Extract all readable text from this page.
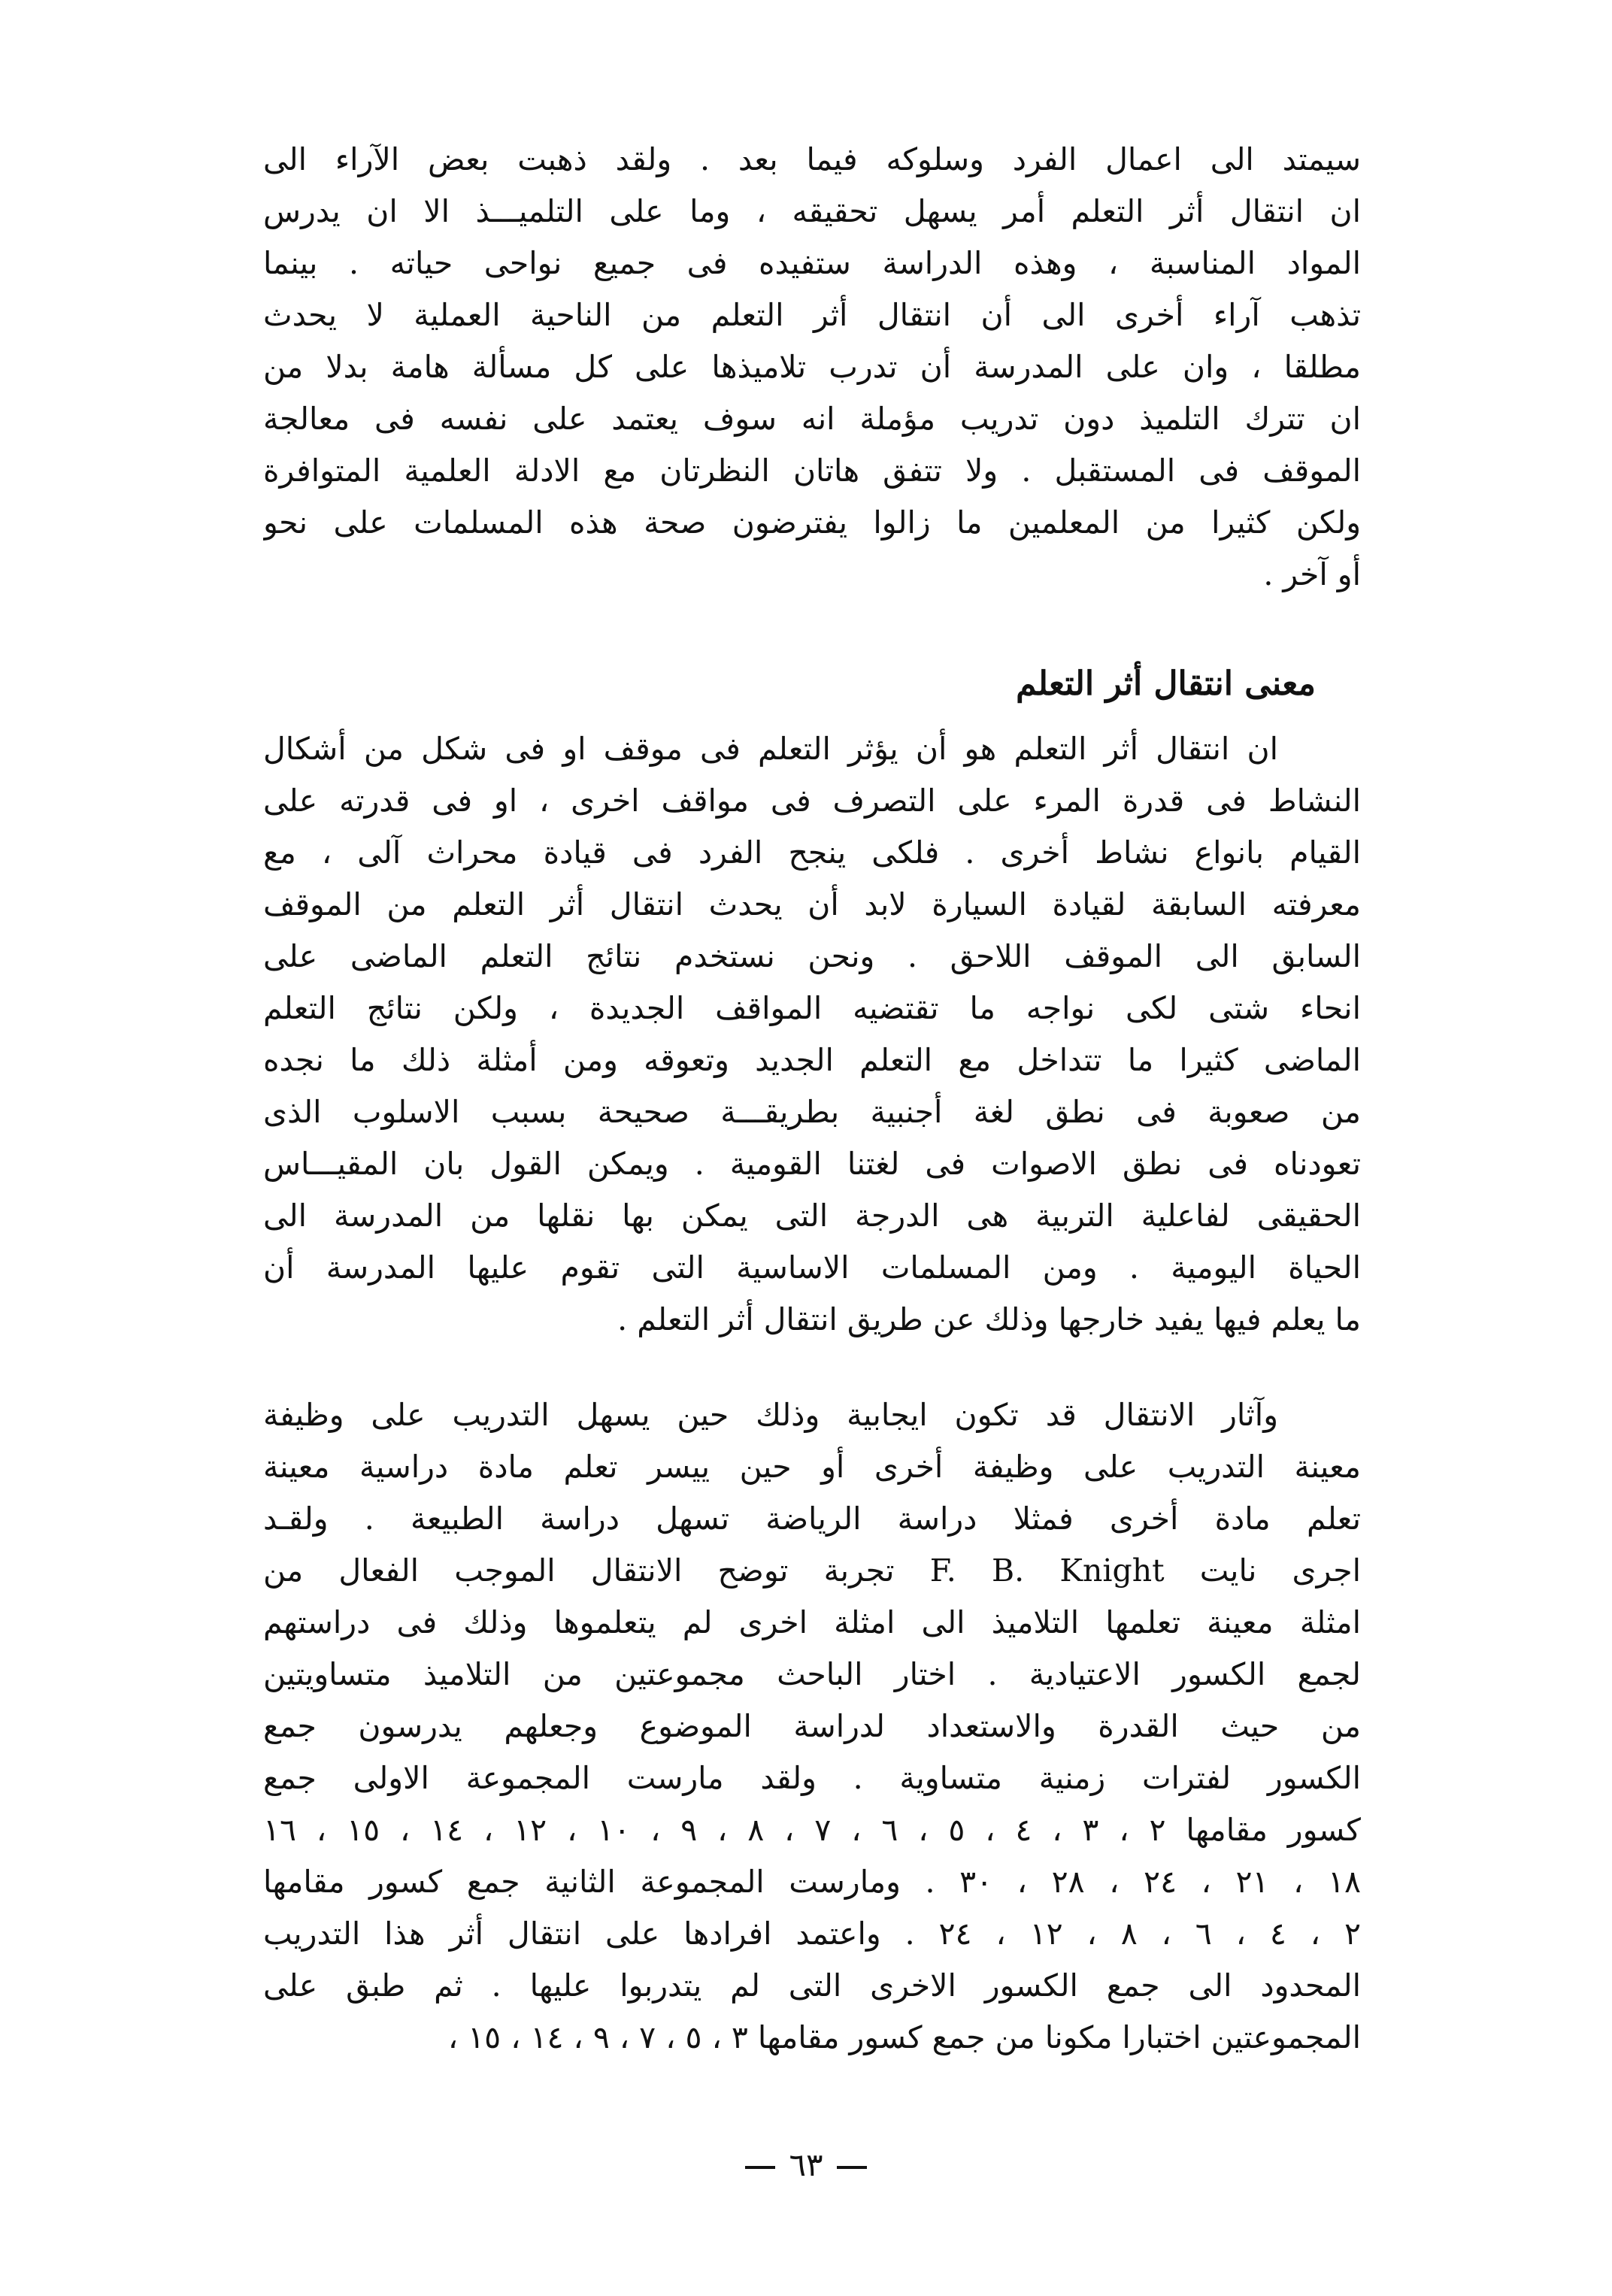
سيمتد الى اعمال الفرد وسلوكه فيما بعد . ولقد ذهبت بعض الآراء الى
ان انتقال أثر التعلم أمر يسهل تحقيقه ، وما على التلميـــذ الا ان يدرس
المواد المناسبة ، وهذه الدراسة ستفيده فى جميع نواحى حياته . بينما
تذهب آراء أخرى الى أن انتقال أثر التعلم من الناحية العملية لا يحدث
مطلقا ، وان على المدرسة أن تدرب تلاميذها على كل مسألة هامة بدلا من
ان تترك التلميذ دون تدريب مؤملة انه سوف يعتمد على نفسه فى معالجة
الموقف فى المستقبل . ولا تتفق هاتان النظرتان مع الادلة العلمية المتوافرة
ولكن كثيرا من المعلمين ما زالوا يفترضون صحة هذه المسلمات على نحو
أو آخر .
معنى انتقال أثر التعلم
ان انتقال أثر التعلم هو أن يؤثر التعلم فى موقف او فى شكل من أشكال
النشاط فى قدرة المرء على التصرف فى مواقف اخرى ، او فى قدرته على
القيام بانواع نشاط أخرى . فلكى ينجح الفرد فى قيادة محراث آلى ، مع
معرفته السابقة لقيادة السيارة لابد أن يحدث انتقال أثر التعلم من الموقف
السابق الى الموقف اللاحق . ونحن نستخدم نتائج التعلم الماضى على
انحاء شتى لكى نواجه ما تقتضيه المواقف الجديدة ، ولكن نتائج التعلم
الماضى كثيرا ما تتداخل مع التعلم الجديد وتعوقه ومن أمثلة ذلك ما نجده
من صعوبة فى نطق لغة أجنبية بطريقـــة صحيحة بسبب الاسلوب الذى
تعودناه فى نطق الاصوات فى لغتنا القومية . ويمكن القول بان المقيـــاس
الحقيقى لفاعلية التربية هى الدرجة التى يمكن بها نقلها من المدرسة الى
الحياة اليومية . ومن المسلمات الاساسية التى تقوم عليها المدرسة أن
ما يعلم فيها يفيد خارجها وذلك عن طريق انتقال أثر التعلم .
وآثار الانتقال قد تكون ايجابية وذلك حين يسهل التدريب على وظيفة
معينة التدريب على وظيفة أخرى أو حين ييسر تعلم مادة دراسية معينة
تعلم مادة أخرى فمثلا دراسة الرياضة تسهل دراسة الطبيعة . ولقـد
اجرى نايت F. B. Knight تجربة توضح الانتقال الموجب الفعال من
امثلة معينة تعلمها التلاميذ الى امثلة اخرى لم يتعلموها وذلك فى دراستهم
لجمع الكسور الاعتيادية . اختار الباحث مجموعتين من التلاميذ متساويتين
من حيث القدرة والاستعداد لدراسة الموضوع وجعلهم يدرسون جمع
الكسور لفترات زمنية متساوية . ولقد مارست المجموعة الاولى جمع
كسور مقامها ٢ ، ٣ ، ٤ ، ٥ ، ٦ ، ٧ ، ٨ ، ٩ ، ١٠ ، ١٢ ، ١٤ ، ١٥ ، ١٦
١٨ ، ٢١ ، ٢٤ ، ٢٨ ، ٣٠ . ومارست المجموعة الثانية جمع كسور مقامها
٢ ، ٤ ، ٦ ، ٨ ، ١٢ ، ٢٤ . واعتمد افرادها على انتقال أثر هذا التدريب
المحدود الى جمع الكسور الاخرى التى لم يتدربوا عليها . ثم طبق على
المجموعتين اختبارا مكونا من جمع كسور مقامها ٣ ، ٥ ، ٧ ، ٩ ، ١٤ ، ١٥ ،
٦٣
